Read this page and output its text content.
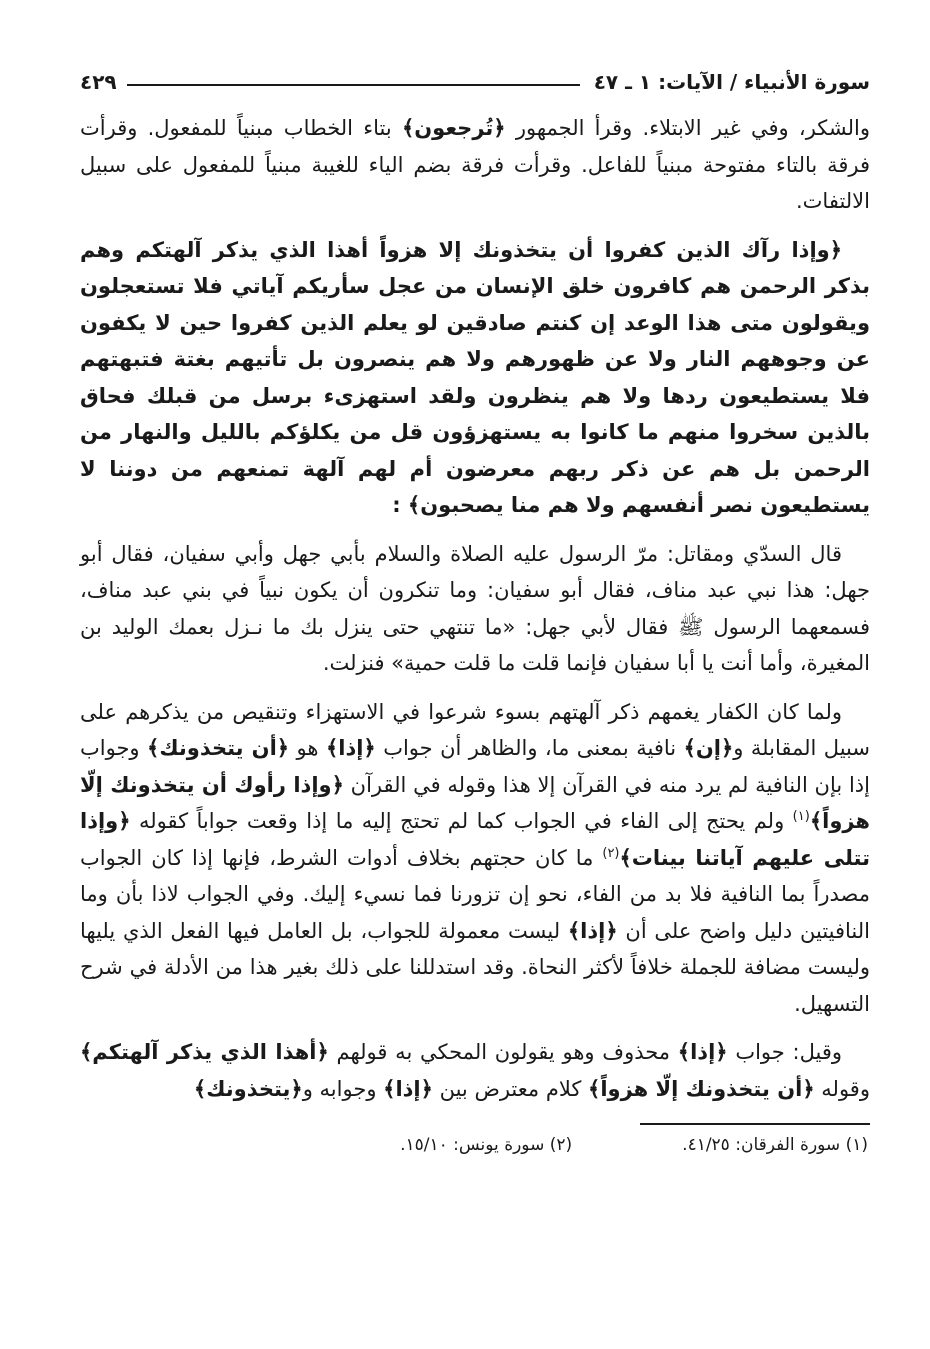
سورة الأنبياء / الآيات: ١ ـ ٤٧
٤٢٩

والشكر، وفي غير الابتلاء. وقرأ الجمهور ﴿تُرجعون﴾ بتاء الخطاب مبنياً للمفعول. وقرأت فرقة بالتاء مفتوحة مبنياً للفاعل. وقرأت فرقة بضم الياء للغيبة مبنياً للمفعول على سبيل الالتفات.

﴿وإذا رآك الذين كفروا أن يتخذونك إلا هزواً أهذا الذي يذكر آلهتكم وهم بذكر الرحمن هم كافرون خلق الإنسان من عجل سأريكم آياتي فلا تستعجلون ويقولون متى هذا الوعد إن كنتم صادقين لو يعلم الذين كفروا حين لا يكفون عن وجوههم النار ولا عن ظهورهم ولا هم ينصرون بل تأتيهم بغتة فتبهتهم فلا يستطيعون ردها ولا هم ينظرون ولقد استهزىء برسل من قبلك فحاق بالذين سخروا منهم ما كانوا به يستهزؤون قل من يكلؤكم بالليل والنهار من الرحمن بل هم عن ذكر ربهم معرضون أم لهم آلهة تمنعهم من دوننا لا يستطيعون نصر أنفسهم ولا هم منا يصحبون﴾ :

قال السدّي ومقاتل: مرّ الرسول عليه الصلاة والسلام بأبي جهل وأبي سفيان، فقال أبو جهل: هذا نبي عبد مناف، فقال أبو سفيان: وما تنكرون أن يكون نبياً في بني عبد مناف، فسمعهما الرسول ﷺ فقال لأبي جهل: «ما تنتهي حتى ينزل بك ما نـزل بعمك الوليد بن المغيرة، وأما أنت يا أبا سفيان فإنما قلت ما قلت حمية» فنزلت.

ولما كان الكفار يغمهم ذكر آلهتهم بسوء شرعوا في الاستهزاء وتنقيص من يذكرهم على سبيل المقابلة و﴿إن﴾ نافية بمعنى ما، والظاهر أن جواب ﴿إذا﴾ هو ﴿أن يتخذونك﴾ وجواب إذا بإن النافية لم يرد منه في القرآن إلا هذا وقوله في القرآن ﴿وإذا رأوك أن يتخذونك إلّا هزواً﴾$^{(١)}$ ولم يحتج إلى الفاء في الجواب كما لم تحتج إليه ما إذا وقعت جواباً كقوله ﴿وإذا تتلى عليهم آياتنا بينات﴾$^{(٢)}$ ما كان حجتهم بخلاف أدوات الشرط، فإنها إذا كان الجواب مصدراً بما النافية فلا بد من الفاء، نحو إن تزورنا فما نسيء إليك. وفي الجواب لاذا بأن وما النافيتين دليل واضح على أن ﴿إذا﴾ ليست معمولة للجواب، بل العامل فيها الفعل الذي يليها وليست مضافة للجملة خلافاً لأكثر النحاة. وقد استدللنا على ذلك بغير هذا من الأدلة في شرح التسهيل.

وقيل: جواب ﴿إذا﴾ محذوف وهو يقولون المحكي به قولهم ﴿أهذا الذي يذكر آلهتكم﴾ وقوله ﴿أن يتخذونك إلّا هزواً﴾ كلام معترض بين ﴿إذا﴾ وجوابه و﴿يتخذونك﴾

(١) سورة الفرقان: ٤١/٢٥.
(٢) سورة يونس: ١٥/١٠.
